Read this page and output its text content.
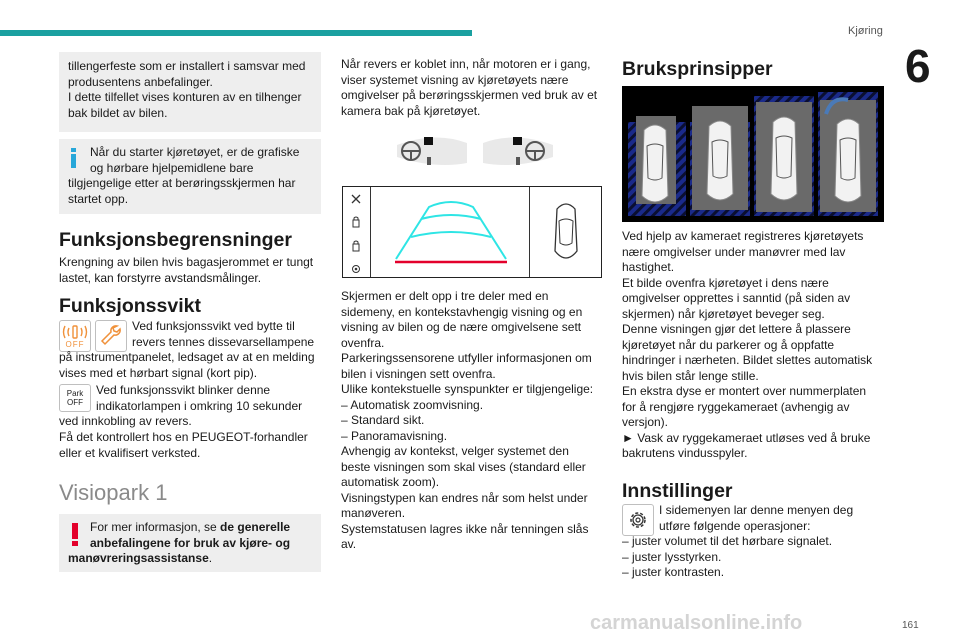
Kjøring
6

tillengerfeste som er installert i samsvar med

produsentens anbefalinger.

I dette tilfellet vises konturen av en tilhenger

bak bildet av bilen.

Når du starter kjøretøyet, er de grafiske

og hørbare hjelpemidlene bare

tilgjengelige etter at berøringsskjermen har

startet opp.

Funksjonsbegrensninger

Krengning av bilen hvis bagasjerommet er tungt

lastet, kan forstyrre avstandsmålinger.

Funksjonssvikt
OFF

Ved funksjonssvikt ved bytte til

revers tennes dissevarsellampene

på instrumentpanelet, ledsaget av at en melding

vises med et hørbart signal (kort pip).

Park
OFF

Ved funksjonssvikt blinker denne

indikatorlampen i omkring 10 sekunder

ved innkobling av revers.

Få det kontrollert hos en PEUGEOT-forhandler

eller et kvalifisert verksted.

Visiopark 1

For mer informasjon, se de generelle

anbefalingene for bruk av kjøre- og

manøvreringsassistanse.

Når revers er koblet inn, når motoren er i gang,

viser systemet visning av kjøretøyets nære

omgivelser på berøringsskjermen ved bruk av et

kamera bak på kjøretøyet.

Skjermen er delt opp i tre deler med en

sidemeny, en kontekstavhengig visning og en

visning av bilen og de nære omgivelsene sett

ovenfra.

Parkeringssensorene utfyller informasjonen om

bilen i visningen sett ovenfra.

Ulike kontekstuelle synspunkter er tilgjengelige:

– Automatisk zoomvisning.

– Standard sikt.

– Panoramavisning.

Avhengig av kontekst, velger systemet den

beste visningen som skal vises (standard eller

automatisk zoom).

Visningstypen kan endres når som helst under

manøveren.

Systemstatusen lagres ikke når tenningen slås

av.

Bruksprinsipper

Ved hjelp av kameraet registreres kjøretøyets

nære omgivelser under manøvrer med lav

hastighet.

Et bilde ovenfra kjøretøyet i dens nære

omgivelser opprettes i sanntid (på siden av

skjermen) når kjøretøyet beveger seg.

Denne visningen gjør det lettere å plassere

kjøretøyet når du parkerer og å oppfatte

hindringer i nærheten. Bildet slettes automatisk

hvis bilen står lenge stille.

En ekstra dyse er montert over nummerplaten

for å rengjøre ryggekameraet (avhengig av

versjon).

► Vask av ryggekameraet utløses ved å bruke

bakrutens vindusspyler.

Innstillinger

I sidemenyen lar denne menyen deg

utføre følgende operasjoner:

– juster volumet til det hørbare signalet.

– juster lysstyrken.

– juster kontrasten.

carmanualsonline.info	161
